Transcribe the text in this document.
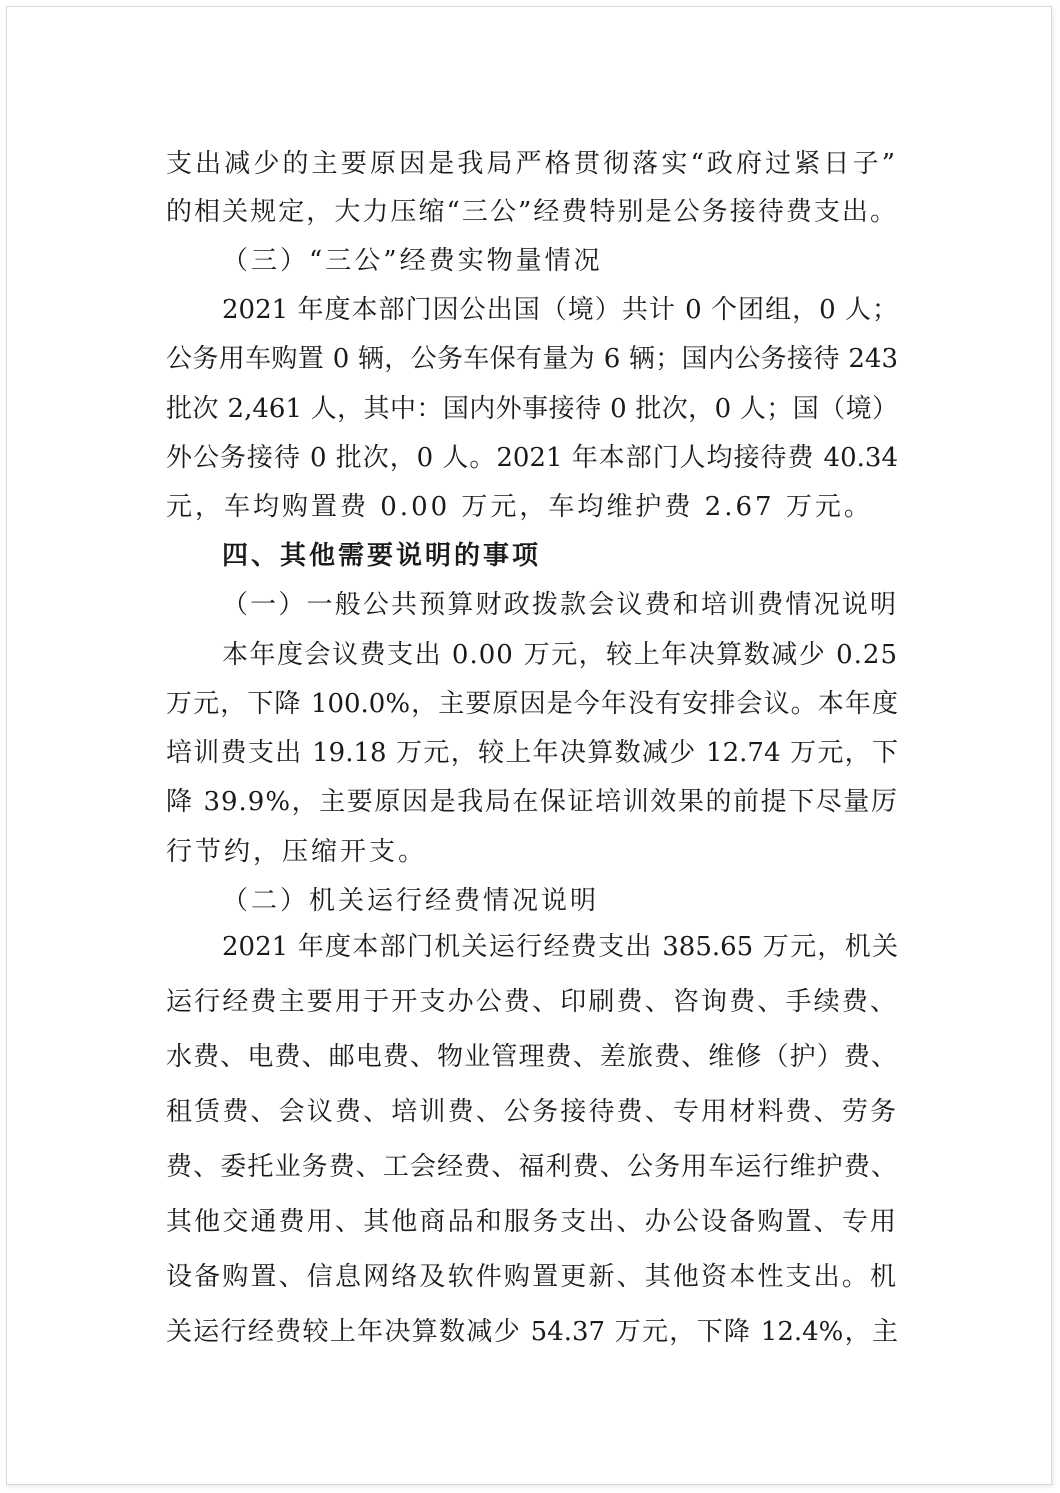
支出减少的主要原因是我局严格贯彻落实“政府过紧日子”
的相关规定，大力压缩“三公”经费特别是公务接待费支出。
（三）“三公”经费实物量情况
2021 年度本部门因公出国（境）共计 0 个团组，0 人；
公务用车购置 0 辆，公务车保有量为 6 辆；国内公务接待 243
批次 2,461 人，其中：国内外事接待 0 批次，0 人；国（境）
外公务接待 0 批次，0 人。2021 年本部门人均接待费 40.34
元，车均购置费 0.00 万元，车均维护费 2.67 万元。
四、其他需要说明的事项
（一）一般公共预算财政拨款会议费和培训费情况说明
本年度会议费支出 0.00 万元，较上年决算数减少 0.25
万元，下降 100.0%，主要原因是今年没有安排会议。本年度
培训费支出 19.18 万元，较上年决算数减少 12.74 万元，下
降 39.9%，主要原因是我局在保证培训效果的前提下尽量厉
行节约，压缩开支。
（二）机关运行经费情况说明
2021 年度本部门机关运行经费支出 385.65 万元，机关
运行经费主要用于开支办公费、印刷费、咨询费、手续费、
水费、电费、邮电费、物业管理费、差旅费、维修（护）费、
租赁费、会议费、培训费、公务接待费、专用材料费、劳务
费、委托业务费、工会经费、福利费、公务用车运行维护费、
其他交通费用、其他商品和服务支出、办公设备购置、专用
设备购置、信息网络及软件购置更新、其他资本性支出。机
关运行经费较上年决算数减少 54.37 万元，下降 12.4%，主
